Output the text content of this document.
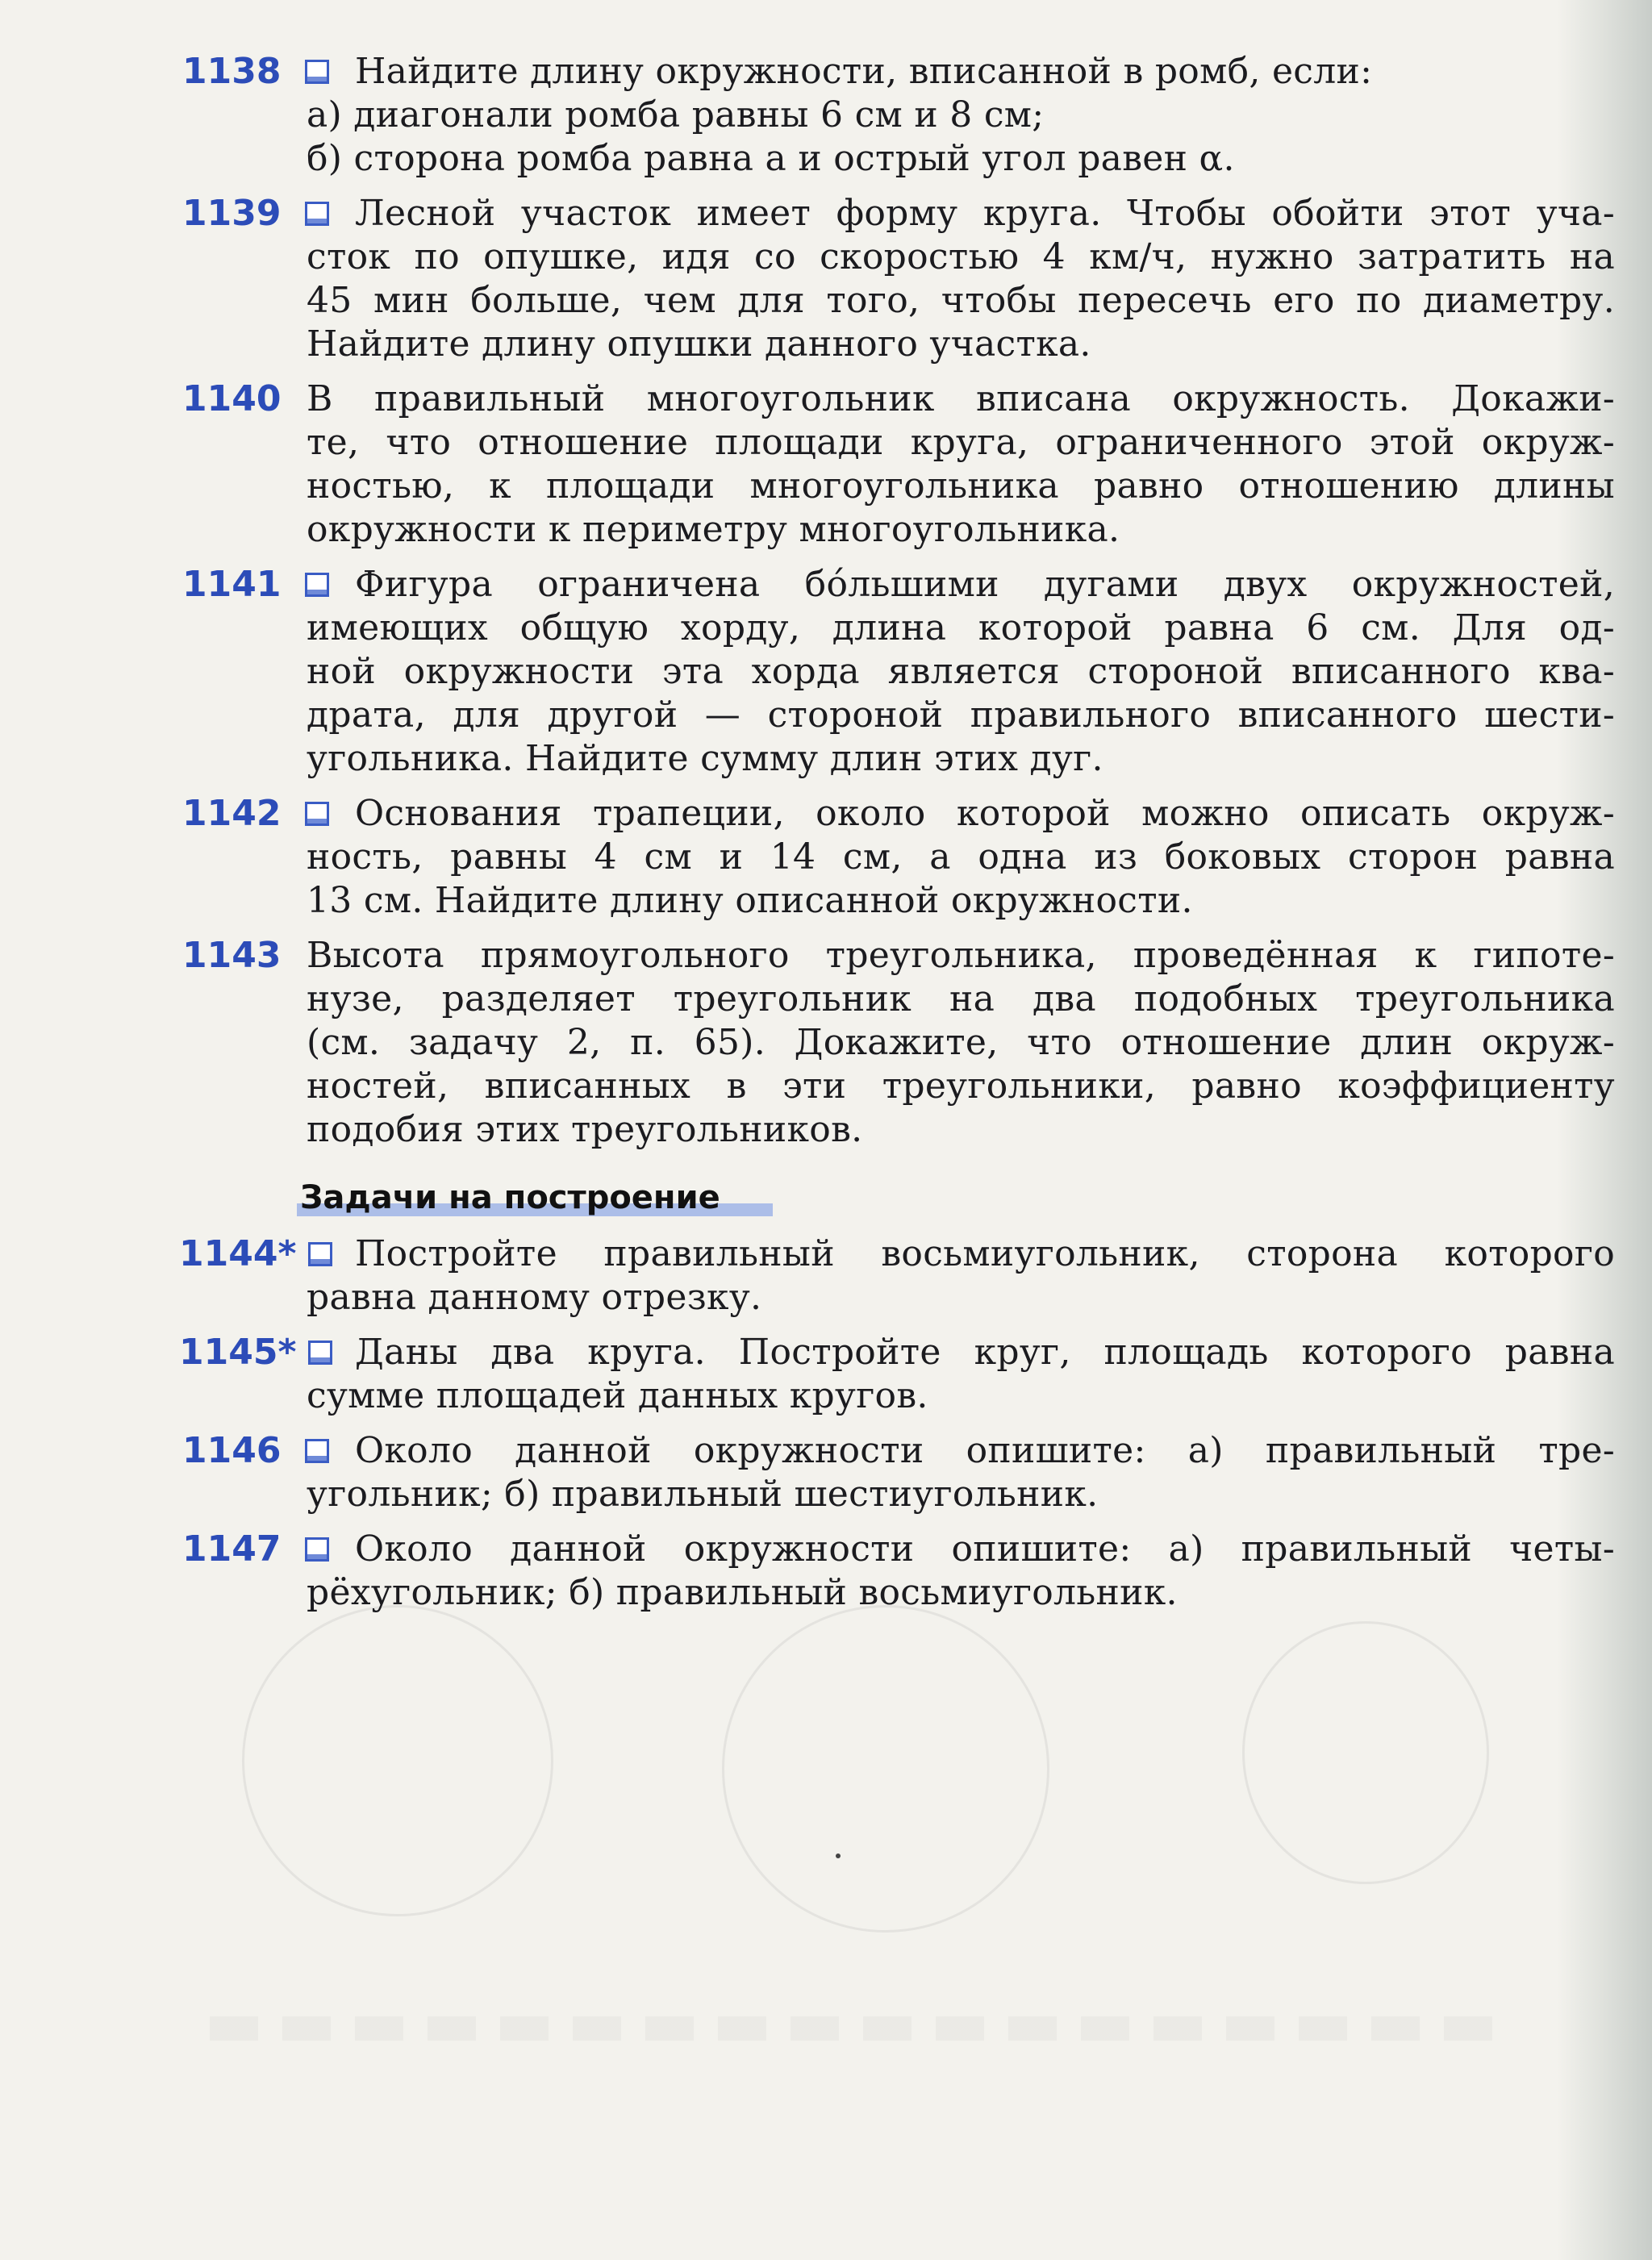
1138 Найдите длину окружности, вписанной в ромб, если:
а) диагонали ромба равны 6 см и 8 см;
б) сторона ромба равна a и острый угол равен α.
1139 Лесной участок имеет форму круга. Чтобы обойти этот уча-
сток по опушке, идя со скоростью 4 км/ч, нужно затратить на
45 мин больше, чем для того, чтобы пересечь его по диаметру.
Найдите длину опушки данного участка.
1140 В правильный многоугольник вписана окружность. Докажи-
те, что отношение площади круга, ограниченного этой окруж-
ностью, к площади многоугольника равно отношению длины
окружности к периметру многоугольника.
1141 Фигура ограничена бóльшими дугами двух окружностей,
имеющих общую хорду, длина которой равна 6 см. Для од-
ной окружности эта хорда является стороной вписанного ква-
драта, для другой — стороной правильного вписанного шести-
угольника. Найдите сумму длин этих дуг.
1142 Основания трапеции, около которой можно описать окруж-
ность, равны 4 см и 14 см, а одна из боковых сторон равна
13 см. Найдите длину описанной окружности.
1143 Высота прямоугольного треугольника, проведённая к гипоте-
нузе, разделяет треугольник на два подобных треугольника
(см. задачу 2, п. 65). Докажите, что отношение длин окруж-
ностей, вписанных в эти треугольники, равно коэффициенту
подобия этих треугольников.
Задачи на построение
1144* Постройте правильный восьмиугольник, сторона которого
равна данному отрезку.
1145* Даны два круга. Постройте круг, площадь которого равна
сумме площадей данных кругов.
1146 Около данной окружности опишите: а) правильный тре-
угольник; б) правильный шестиугольник.
1147 Около данной окружности опишите: а) правильный четы-
рёхугольник; б) правильный восьмиугольник.
